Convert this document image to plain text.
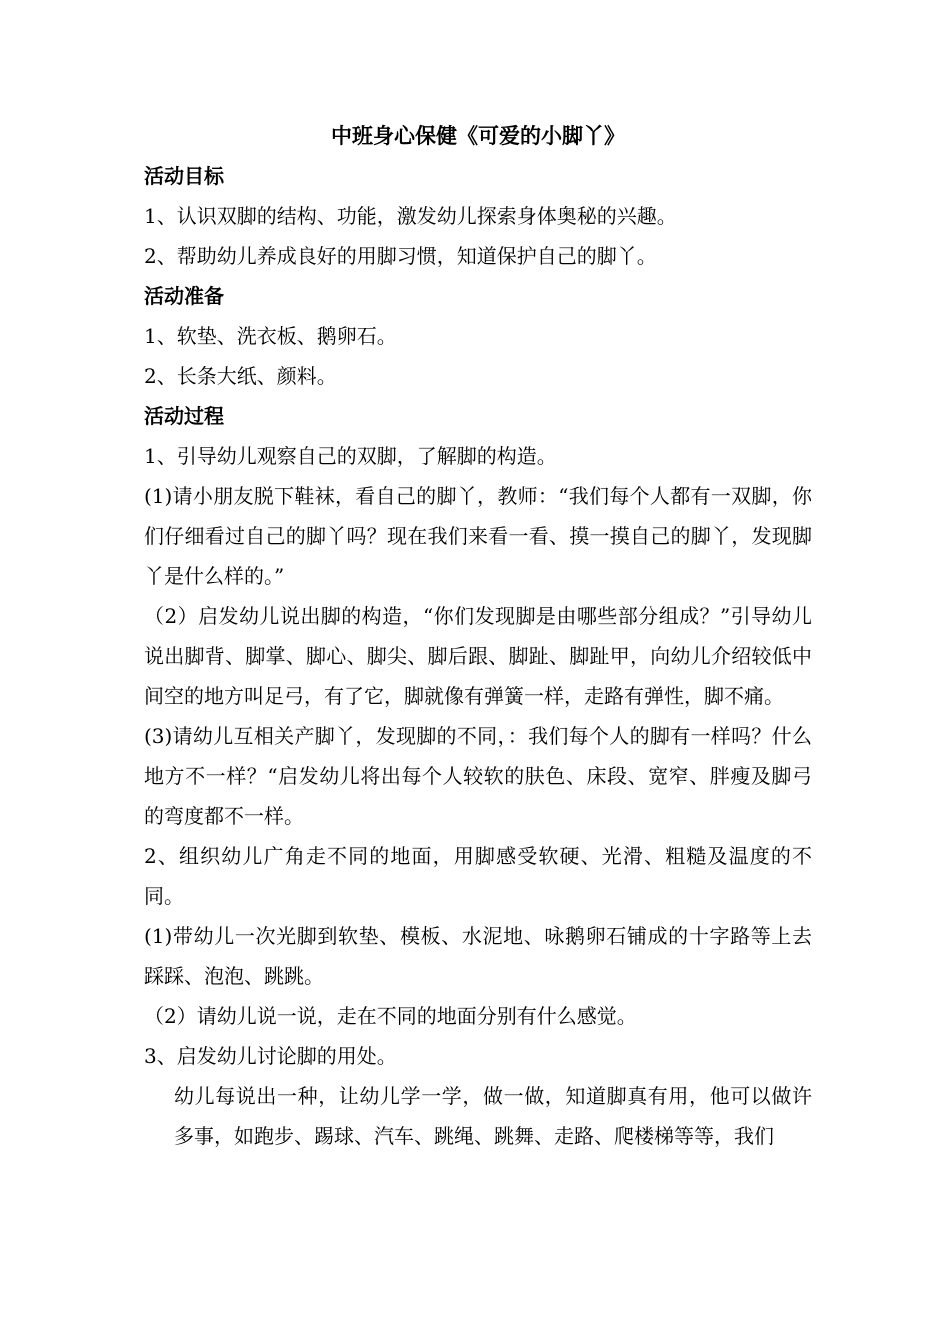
中班身心保健《可爱的小脚丫》

活动目标

1、认识双脚的结构、功能，激发幼儿探索身体奥秘的兴趣。

2、帮助幼儿养成良好的用脚习惯，知道保护自己的脚丫。

活动准备

1、软垫、洗衣板、鹅卵石。

2、长条大纸、颜料。

活动过程

1、引导幼儿观察自己的双脚，了解脚的构造。

(1)请小朋友脱下鞋袜，看自己的脚丫，教师：“我们每个人都有一双脚，你们仔细看过自己的脚丫吗？现在我们来看一看、摸一摸自己的脚丫，发现脚丫是什么样的。”

（2）启发幼儿说出脚的构造，“你们发现脚是由哪些部分组成？”引导幼儿说出脚背、脚掌、脚心、脚尖、脚后跟、脚趾、脚趾甲，向幼儿介绍较低中间空的地方叫足弓，有了它，脚就像有弹簧一样，走路有弹性，脚不痛。

(3)请幼儿互相关产脚丫，发现脚的不同，：我们每个人的脚有一样吗？什么地方不一样？“启发幼儿将出每个人较软的肤色、床段、宽窄、胖瘦及脚弓的弯度都不一样。

2、组织幼儿广角走不同的地面，用脚感受软硬、光滑、粗糙及温度的不同。

(1)带幼儿一次光脚到软垫、模板、水泥地、咏鹅卵石铺成的十字路等上去踩踩、泡泡、跳跳。

（2）请幼儿说一说，走在不同的地面分别有什么感觉。

3、启发幼儿讨论脚的用处。

幼儿每说出一种，让幼儿学一学，做一做，知道脚真有用，他可以做许多事，如跑步、踢球、汽车、跳绳、跳舞、走路、爬楼梯等等，我们
